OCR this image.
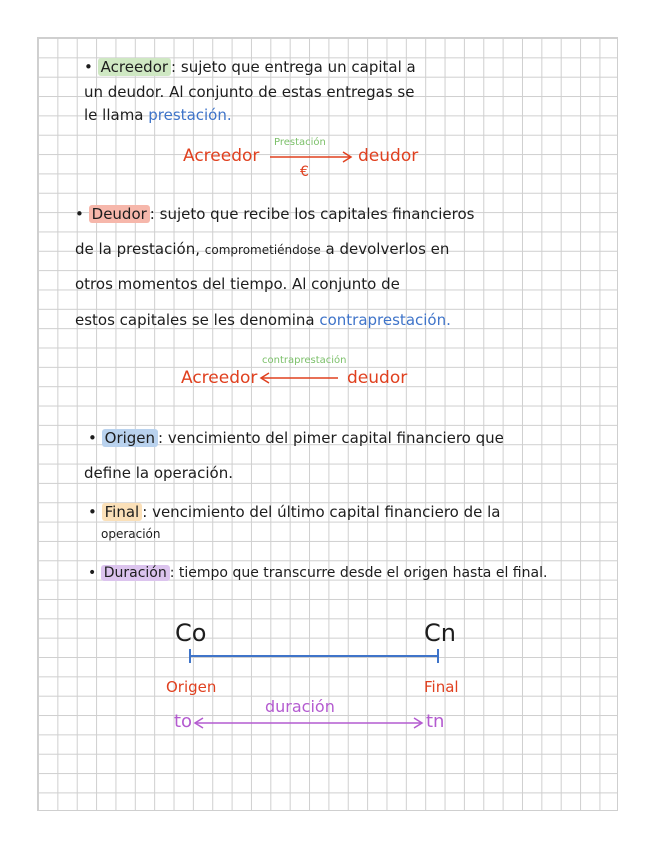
• Acreedor : sujeto que entrega un capital a
un deudor. Al conjunto de estas entregas se
le llama prestación.
Acreedor
Prestación
€
deudor
• Deudor : sujeto que recibe los capitales financieros
de la prestación, comprometiéndose a devolverlos en
otros momentos del tiempo. Al conjunto de
estos capitales se les denomina contraprestación.
Acreedor
contraprestación
deudor
• Origen : vencimiento del pimer capital financiero que
define la operación.
• Final : vencimiento del último capital financiero de la
operación
• Duración : tiempo que transcurre desde el origen hasta el final.
Co	Cn
Origen	Final
duración
to	tn
